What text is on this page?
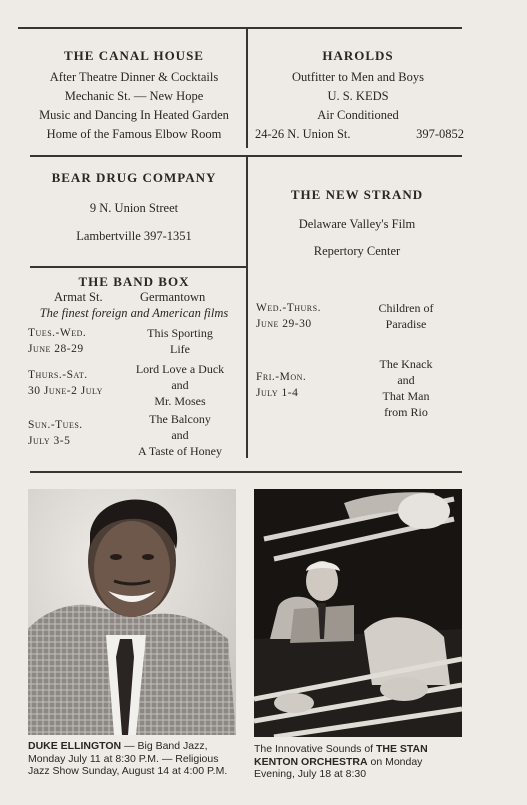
THE CANAL HOUSE
After Theatre Dinner & Cocktails
Mechanic St. — New Hope
Music and Dancing In Heated Garden
Home of the Famous Elbow Room
HAROLDS
Outfitter to Men and Boys
U. S. KEDS
Air Conditioned
24-26 N. Union St.	397-0852
BEAR DRUG COMPANY
9 N. Union Street
Lambertville 397-1351
THE NEW STRAND
Delaware Valley's Film
Repertory Center
Wed.-Thurs.
June 29-30
Children of
Paradise
Fri.-Mon.
July 1-4
The Knack
and
That Man
from Rio
THE BAND BOX
Armat St.	Germantown
The finest foreign and American films
Tues.-Wed.
June 28-29
This Sporting
Life
Thurs.-Sat.
30 June-2 July
Lord Love a Duck
and
Mr. Moses
Sun.-Tues.
July 3-5
The Balcony
and
A Taste of Honey
DUKE ELLINGTON — Big Band Jazz, Monday July 11 at 8:30 P.M. — Religious Jazz Show Sunday, August 14 at 4:00 P.M.
The Innovative Sounds of THE STAN KENTON ORCHESTRA on Monday Evening, July 18 at 8:30
